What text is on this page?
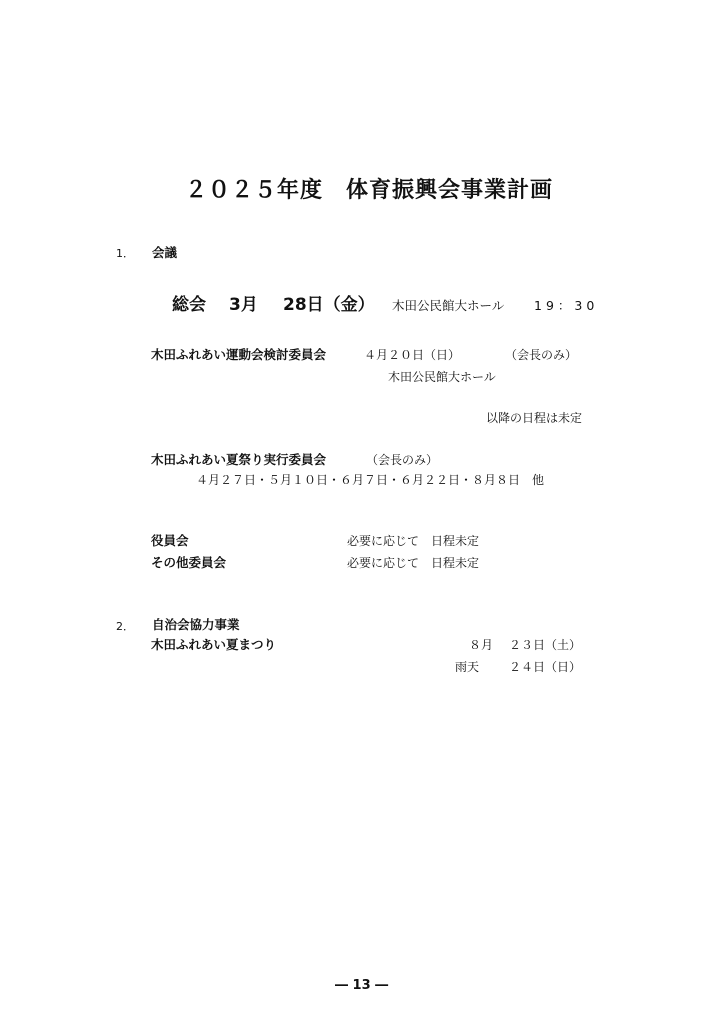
２０２５年度　体育振興会事業計画
1． 会議
総会 3月 28日（金） 木田公民館大ホール 19：30
木田ふれあい運動会検討委員会	４月２０日（日）	（会長のみ）
木田公民館大ホール
以降の日程は未定
木田ふれあい夏祭り実行委員会	（会長のみ）
４月２７日・５月１０日・６月７日・６月２２日・８月８日　他
役員会	必要に応じて　日程未定
その他委員会	必要に応じて　日程未定
2． 自治会協力事業
木田ふれあい夏まつり	８月 ２３日（土）
雨天 ２４日（日）
― 13 ―
